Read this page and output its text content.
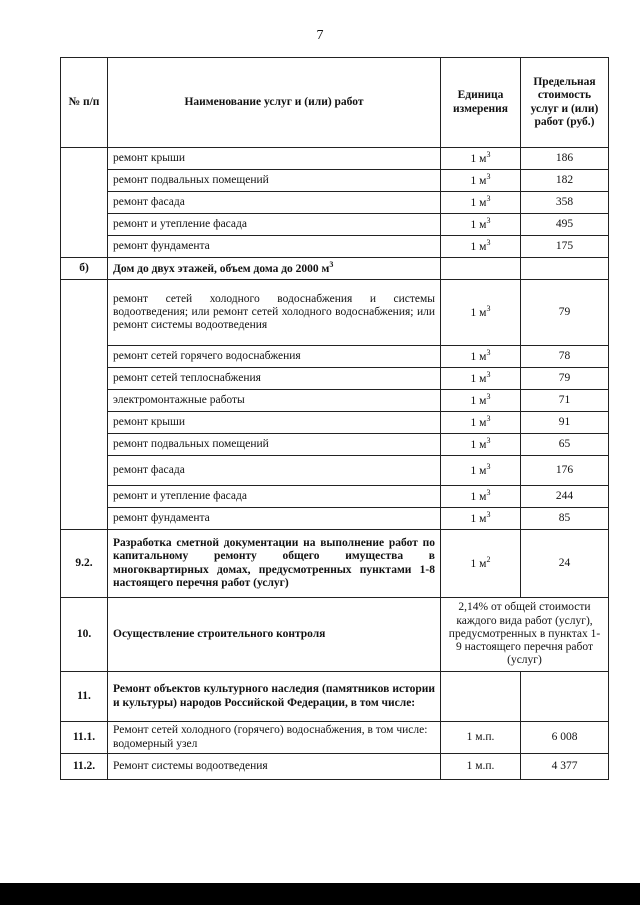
7
№ п/п	Наименование услуг и (или) работ	Единица измерения	Предельная стоимость услуг и (или) работ (руб.)
	ремонт крыши	1 $м^3$	186
	ремонт подвальных помещений	1 $м^3$	182
	ремонт фасада	1 $м^3$	358
	ремонт и утепление фасада	1 $м^3$	495
	ремонт фундамента	1 $м^3$	175
б)	Дом до двух этажей, объем дома до 2000 $м^3$		
	ремонт сетей холодного водоснабжения и системы водоотведения; или ремонт сетей холодного водоснабжения; или ремонт системы водоотведения	1 $м^3$	79
	ремонт сетей горячего водоснабжения	1 $м^3$	78
	ремонт сетей теплоснабжения	1 $м^3$	79
	электромонтажные работы	1 $м^3$	71
	ремонт крыши	1 $м^3$	91
	ремонт подвальных помещений	1 $м^3$	65
	ремонт фасада	1 $м^3$	176
	ремонт и утепление фасада	1 $м^3$	244
	ремонт фундамента	1 $м^3$	85
9.2.	Разработка сметной документации на выполнение работ по капитальному ремонту общего имущества в многоквартирных домах, предусмотренных пунктами 1-8 настоящего перечня работ (услуг)	1 $м^2$	24
10.	Осуществление строительного контроля	2,14% от общей стоимости каждого вида работ (услуг), предусмотренных в пунктах 1-9 настоящего перечня работ (услуг)	
11.	Ремонт объектов культурного наследия (памятников истории и культуры) народов Российской Федерации, в том числе:		
11.1.	Ремонт сетей холодного (горячего) водоснабжения, в том числе: водомерный узел	1 м.п.	6 008
11.2.	Ремонт системы водоотведения	1 м.п.	4 377
